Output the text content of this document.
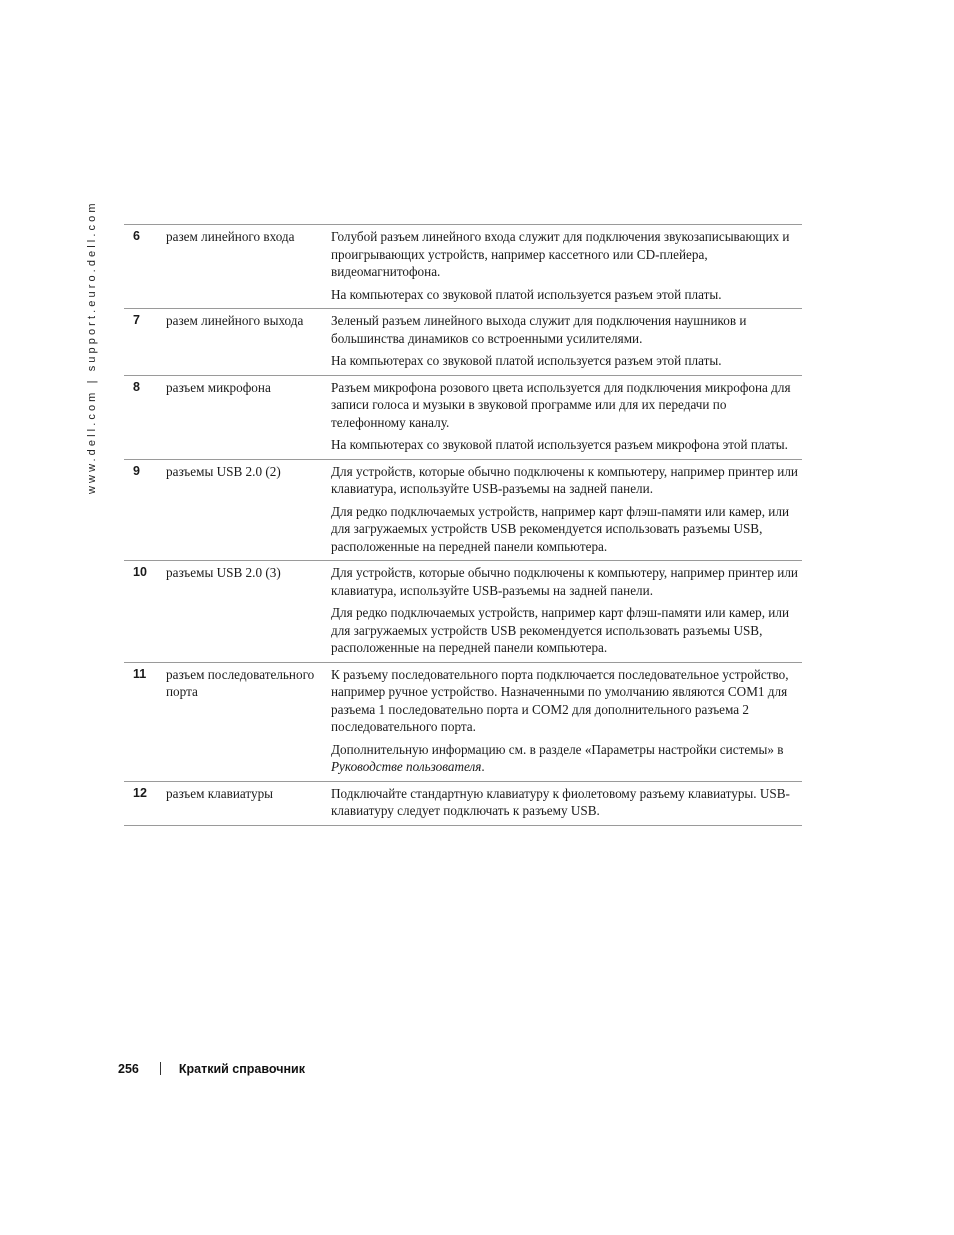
www.dell.com | support.euro.dell.com	6	разем линейного входа	Голубой разъем линейного входа служит для подключения звукозаписывающих и проигрывающих устройств, например кассетного или CD-плейера, видеомагнитофона.

На компьютерах со звуковой платой используется разъем этой платы.

7	разем линейного выхода	Зеленый разъем линейного выхода служит для подключения наушников и большинства динамиков со встроенными усилителями.

На компьютерах со звуковой платой используется разъем этой платы.

8	разъем микрофона	Разъем микрофона розового цвета используется для подключения микрофона для записи голоса и музыки в звуковой программе или для их передачи по телефонному каналу.

На компьютерах со звуковой платой используется разъем микрофона этой платы.

9	разъемы USB 2.0 (2)	Для устройств, которые обычно подключены к компьютеру, например принтер или клавиатура, используйте USB-разъемы на задней панели.

Для редко подключаемых устройств, например карт флэш-памяти или камер, или для загружаемых устройств USB рекомендуется использовать разъемы USB, расположенные на передней панели компьютера.

10	разъемы USB 2.0 (3)	Для устройств, которые обычно подключены к компьютеру, например принтер или клавиатура, используйте USB-разъемы на задней панели.

Для редко подключаемых устройств, например карт флэш-памяти или камер, или для загружаемых устройств USB рекомендуется использовать разъемы USB, расположенные на передней панели компьютера.

11	разъем последовательного порта	К разъему последовательного порта подключается последовательное устройство, например ручное устройство. Назначенными по умолчанию являются COM1 для разъема 1 последовательно порта и COM2 для дополнительного разъема 2 последовательного порта.

Дополнительную информацию см. в разделе «Параметры настройки системы» в Руководстве пользователя.

12	разъем клавиатуры	Подключайте стандартную клавиатуру к фиолетовому разъему клавиатуры. USB-клавиатуру следует подключать к разъему USB.

256	Краткий справочник
